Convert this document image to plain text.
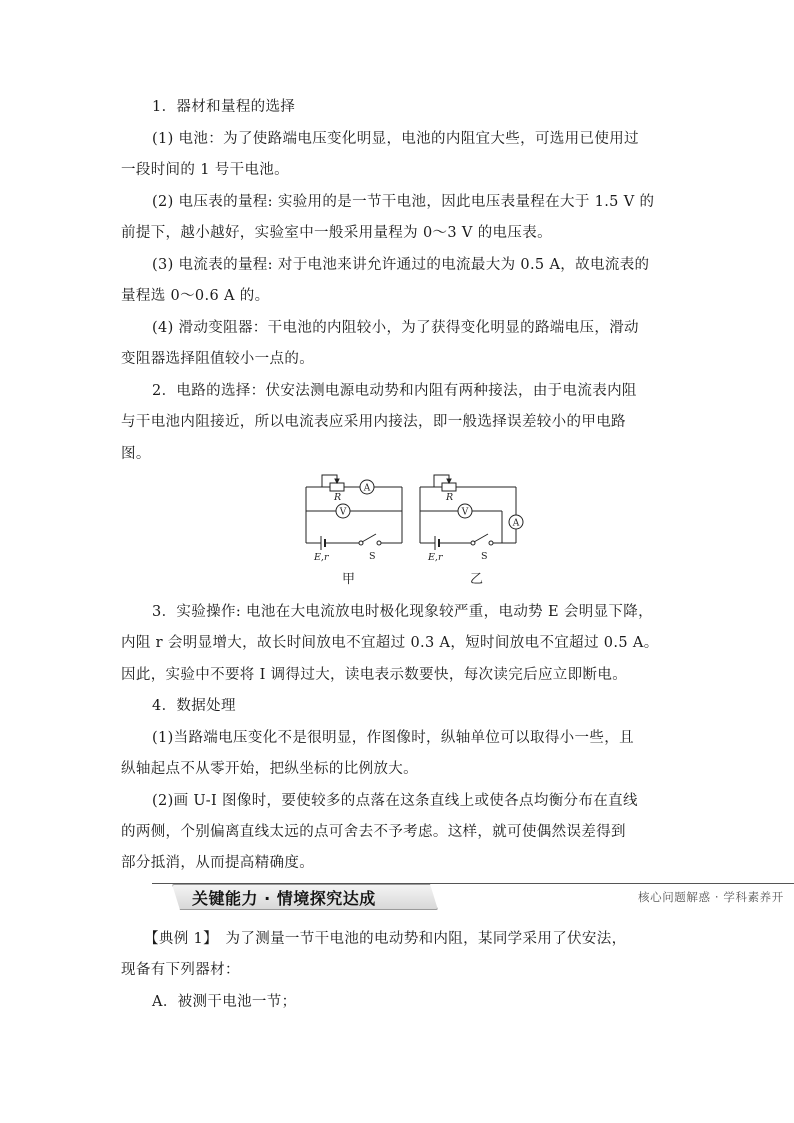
1．器材和量程的选择
(1) 电池：为了使路端电压变化明显，电池的内阻宜大些，可选用已使用过
一段时间的 1 号干电池。
(2) 电压表的量程: 实验用的是一节干电池，因此电压表量程在大于 1.5 V 的
前提下，越小越好，实验室中一般采用量程为 0～3 V 的电压表。
(3) 电流表的量程: 对于电池来讲允许通过的电流最大为 0.5 A，故电流表的
量程选 0～0.6 A 的。
(4) 滑动变阻器：干电池的内阻较小，为了获得变化明显的路端电压，滑动
变阻器选择阻值较小一点的。
2．电路的选择：伏安法测电源电动势和内阻有两种接法，由于电流表内阻
与干电池内阻接近，所以电流表应采用内接法，即一般选择误差较小的甲电路
图。
R
A
V
S
E,r
R
A
V
S
E,r
甲	乙
3．实验操作: 电池在大电流放电时极化现象较严重，电动势 E 会明显下降，
内阻 r 会明显增大，故长时间放电不宜超过 0.3 A，短时间放电不宜超过 0.5 A。
因此，实验中不要将 I 调得过大，读电表示数要快，每次读完后应立即断电。
4．数据处理
(1)当路端电压变化不是很明显，作图像时，纵轴单位可以取得小一些，且
纵轴起点不从零开始，把纵坐标的比例放大。
(2)画 U-I 图像时，要使较多的点落在这条直线上或使各点均衡分布在直线
的两侧，个别偏离直线太远的点可舍去不予考虑。这样，就可使偶然误差得到
部分抵消，从而提高精确度。
关键能力 · 情境探究达成	核心问题解惑 · 学科素养开
【典例 1】　为了测量一节干电池的电动势和内阻，某同学采用了伏安法，
现备有下列器材：
A．被测干电池一节；
